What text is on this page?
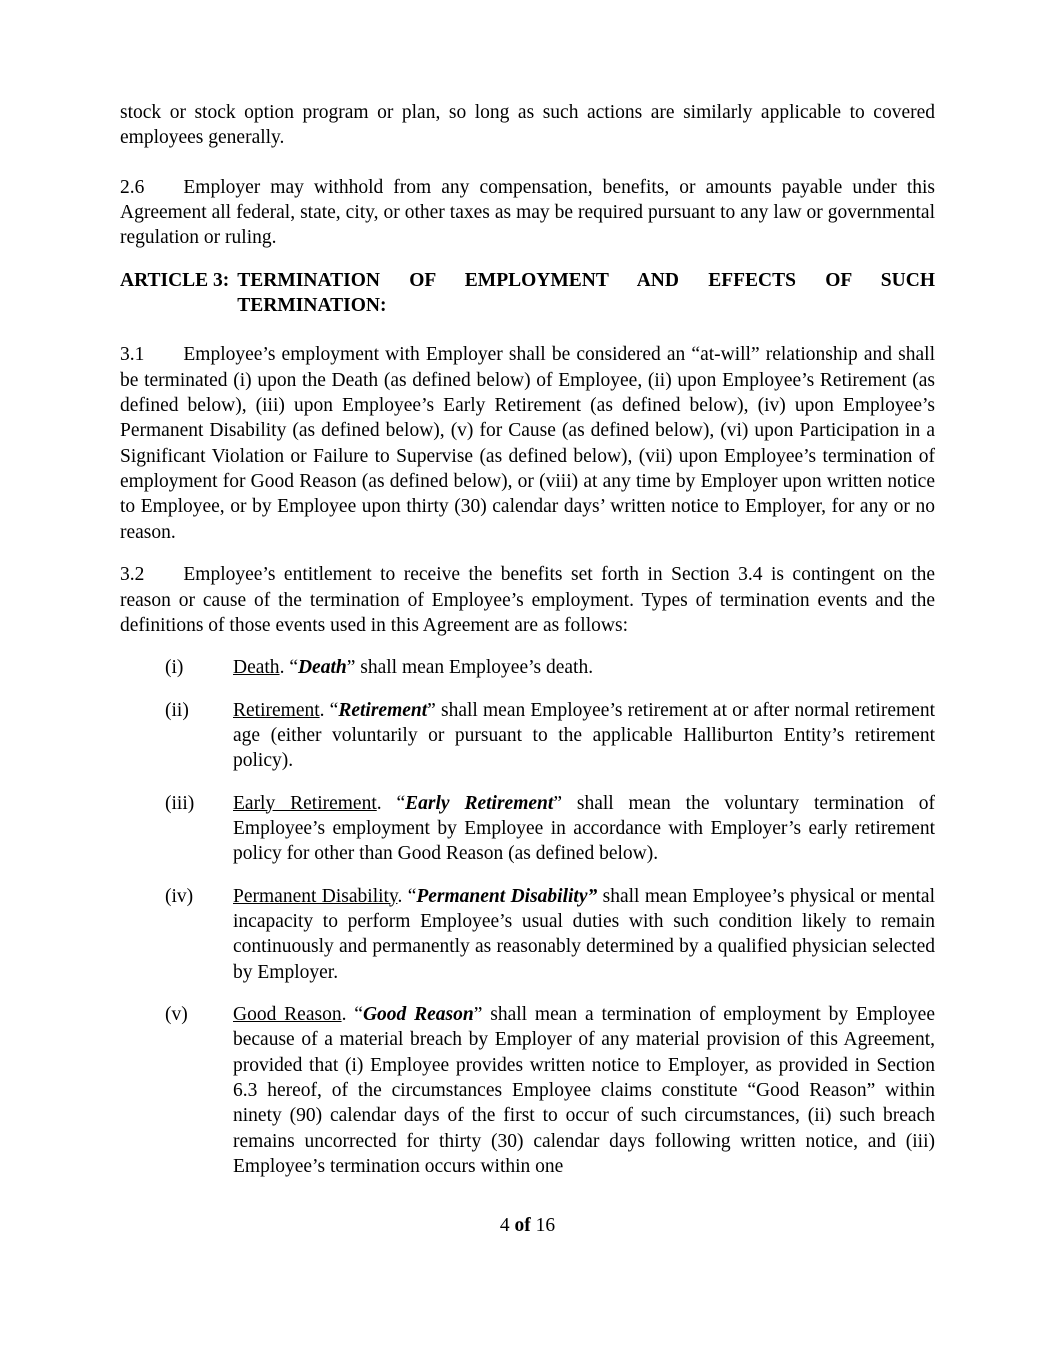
stock or stock option program or plan, so long as such actions are similarly applicable to covered employees generally.

2.6  Employer may withhold from any compensation, benefits, or amounts payable under this Agreement all federal, state, city, or other taxes as may be required pursuant to any law or governmental regulation or ruling.

ARTICLE 3: TERMINATION OF EMPLOYMENT AND EFFECTS OF SUCH
TERMINATION:

3.1  Employee’s employment with Employer shall be considered an “at-will” relationship and shall be terminated (i) upon the Death (as defined below) of Employee, (ii) upon Employee’s Retirement (as defined below), (iii) upon Employee’s Early Retirement (as defined below), (iv) upon Employee’s Permanent Disability (as defined below), (v) for Cause (as defined below), (vi) upon Participation in a Significant Violation or Failure to Supervise (as defined below), (vii) upon Employee’s termination of employment for Good Reason (as defined below), or (viii) at any time by Employer upon written notice to Employee, or by Employee upon thirty (30) calendar days’ written notice to Employer, for any or no reason.

3.2  Employee’s entitlement to receive the benefits set forth in Section 3.4 is contingent on the reason or cause of the termination of Employee’s employment. Types of termination events and the definitions of those events used in this Agreement are as follows:

(i)	Death. “Death” shall mean Employee’s death.
(ii)	Retirement. “Retirement” shall mean Employee’s retirement at or after normal retirement age (either voluntarily or pursuant to the applicable Halliburton Entity’s retirement policy).
(iii)	Early Retirement. “Early Retirement” shall mean the voluntary termination of Employee’s employment by Employee in accordance with Employer’s early retirement policy for other than Good Reason (as defined below).
(iv)	Permanent Disability. “Permanent Disability” shall mean Employee’s physical or mental incapacity to perform Employee’s usual duties with such condition likely to remain continuously and permanently as reasonably determined by a qualified physician selected by Employer.
(v)	Good Reason. “Good Reason” shall mean a termination of employment by Employee because of a material breach by Employer of any material provision of this Agreement, provided that (i) Employee provides written notice to Employer, as provided in Section 6.3 hereof, of the circumstances Employee claims constitute “Good Reason” within ninety (90) calendar days of the first to occur of such circumstances, (ii) such breach remains uncorrected for thirty (30) calendar days following written notice, and (iii) Employee’s termination occurs within one
4 of 16
